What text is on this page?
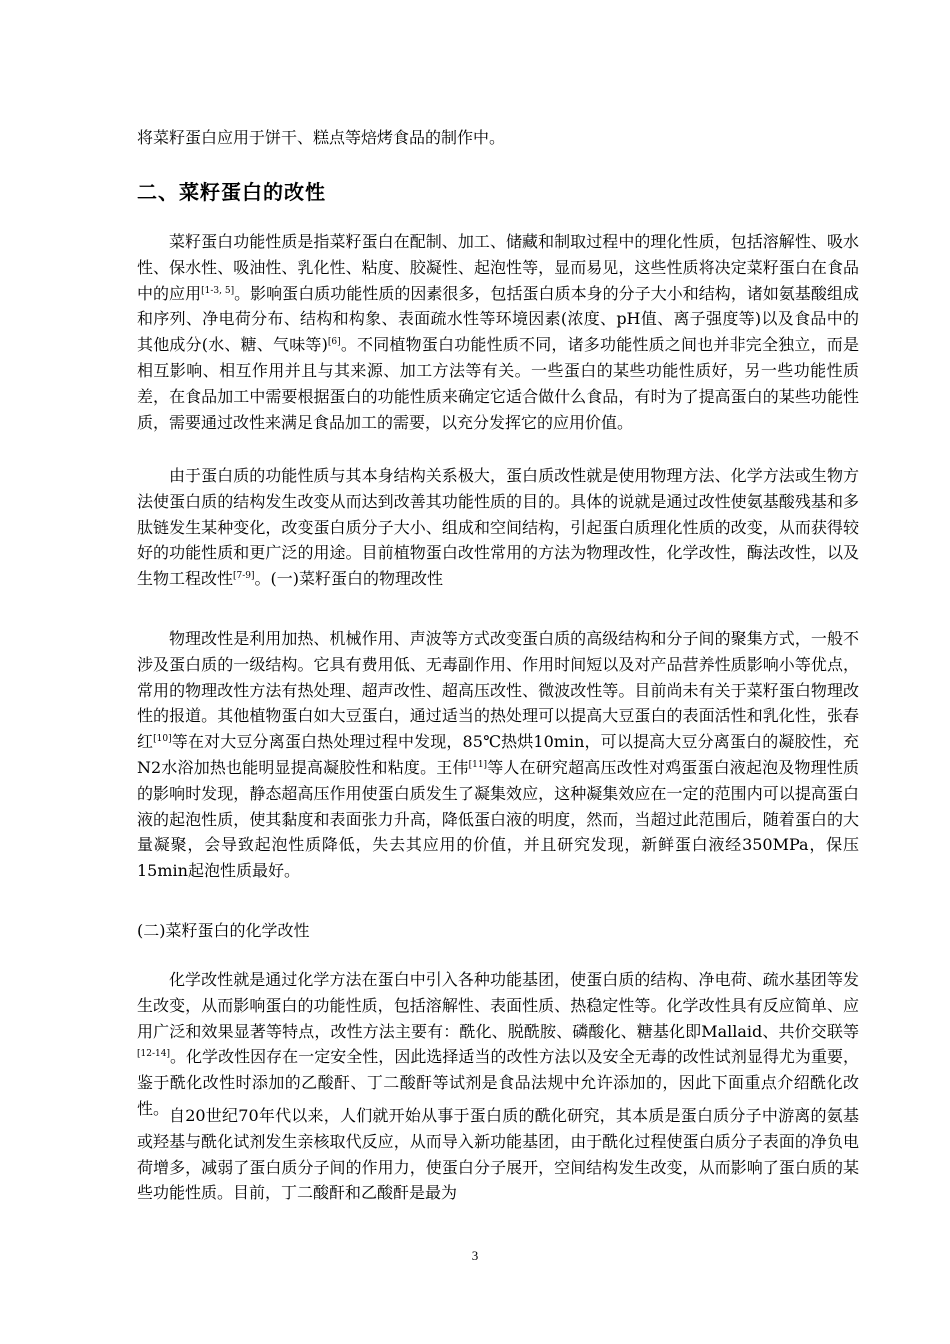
将菜籽蛋白应用于饼干、糕点等焙烤食品的制作中。
二、菜籽蛋白的改性
菜籽蛋白功能性质是指菜籽蛋白在配制、加工、储藏和制取过程中的理化性质，包括溶解性、吸水性、保水性、吸油性、乳化性、粘度、胶凝性、起泡性等，显而易见，这些性质将决定菜籽蛋白在食品中的应用[1-3, 5]。影响蛋白质功能性质的因素很多，包括蛋白质本身的分子大小和结构，诸如氨基酸组成和序列、净电荷分布、结构和构象、表面疏水性等环境因素(浓度、pH值、离子强度等)以及食品中的其他成分(水、糖、气味等)[6]。不同植物蛋白功能性质不同，诸多功能性质之间也并非完全独立，而是相互影响、相互作用并且与其来源、加工方法等有关。一些蛋白的某些功能性质好，另一些功能性质差，在食品加工中需要根据蛋白的功能性质来确定它适合做什么食品，有时为了提高蛋白的某些功能性质，需要通过改性来满足食品加工的需要，以充分发挥它的应用价值。
由于蛋白质的功能性质与其本身结构关系极大，蛋白质改性就是使用物理方法、化学方法或生物方法使蛋白质的结构发生改变从而达到改善其功能性质的目的。具体的说就是通过改性使氨基酸残基和多肽链发生某种变化，改变蛋白质分子大小、组成和空间结构，引起蛋白质理化性质的改变，从而获得较好的功能性质和更广泛的用途。目前植物蛋白改性常用的方法为物理改性，化学改性，酶法改性，以及生物工程改性[7-9]。(一)菜籽蛋白的物理改性
物理改性是利用加热、机械作用、声波等方式改变蛋白质的高级结构和分子间的聚集方式，一般不涉及蛋白质的一级结构。它具有费用低、无毒副作用、作用时间短以及对产品营养性质影响小等优点，常用的物理改性方法有热处理、超声改性、超高压改性、微波改性等。目前尚未有关于菜籽蛋白物理改性的报道。其他植物蛋白如大豆蛋白，通过适当的热处理可以提高大豆蛋白的表面活性和乳化性，张春红[10]等在对大豆分离蛋白热处理过程中发现，85℃热烘10min，可以提高大豆分离蛋白的凝胶性，充N2水浴加热也能明显提高凝胶性和粘度。王伟[11]等人在研究超高压改性对鸡蛋蛋白液起泡及物理性质的影响时发现，静态超高压作用使蛋白质发生了凝集效应，这种凝集效应在一定的范围内可以提高蛋白液的起泡性质，使其黏度和表面张力升高，降低蛋白液的明度，然而，当超过此范围后，随着蛋白的大量凝聚，会导致起泡性质降低，失去其应用的价值，并且研究发现，新鲜蛋白液经350MPa，保压15min起泡性质最好。
(二)菜籽蛋白的化学改性
化学改性就是通过化学方法在蛋白中引入各种功能基团，使蛋白质的结构、净电荷、疏水基团等发生改变，从而影响蛋白的功能性质，包括溶解性、表面性质、热稳定性等。化学改性具有反应简单、应用广泛和效果显著等特点，改性方法主要有：酰化、脱酰胺、磷酸化、糖基化即Mallaid、共价交联等[12-14]。化学改性因存在一定安全性，因此选择适当的改性方法以及安全无毒的改性试剂显得尤为重要，鉴于酰化改性时添加的乙酸酐、丁二酸酐等试剂是食品法规中允许添加的，因此下面重点介绍酰化改性。 自20世纪70年代以来，人们就开始从事于蛋白质的酰化研究，其本质是蛋白质分子中游离的氨基或羟基与酰化试剂发生亲核取代反应，从而导入新功能基团，由于酰化过程使蛋白质分子表面的净负电荷增多，减弱了蛋白质分子间的作用力，使蛋白分子展开，空间结构发生改变，从而影响了蛋白质的某些功能性质。目前，丁二酸酐和乙酸酐是最为
3
